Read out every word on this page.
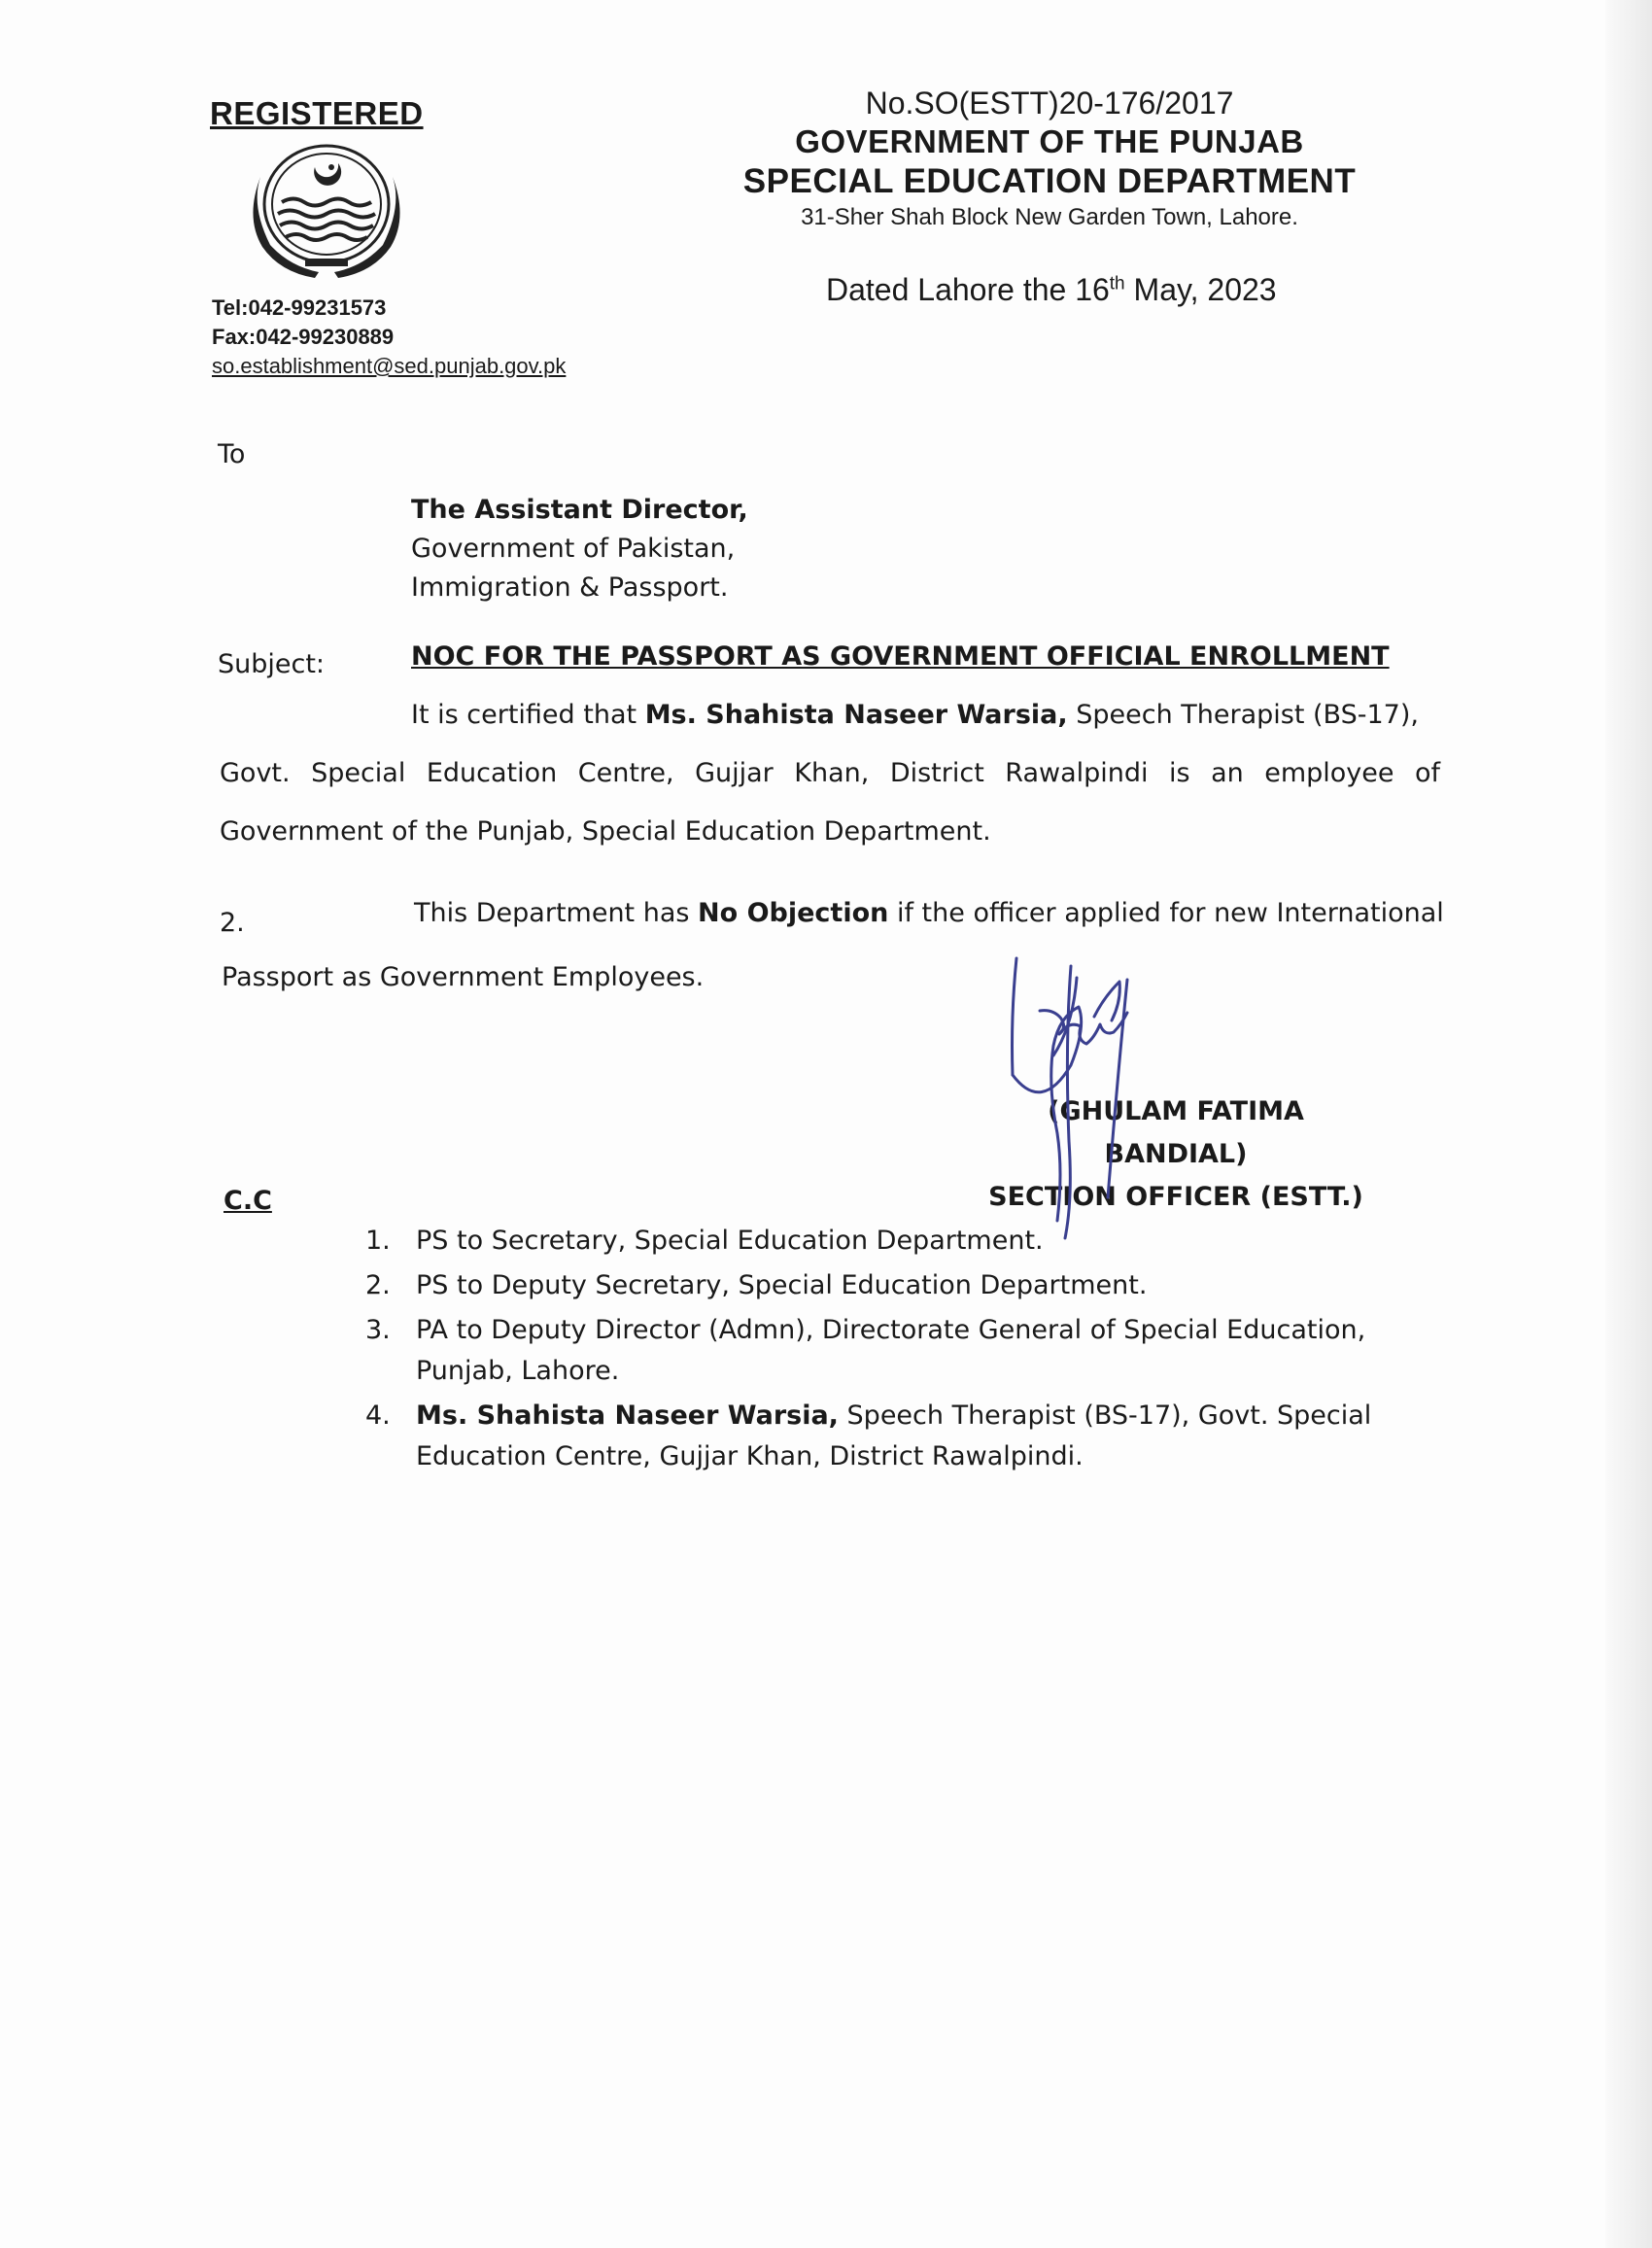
REGISTERED
Tel:042-99231573
Fax:042-99230889
so.establishment@sed.punjab.gov.pk
No.SO(ESTT)20-176/2017
GOVERNMENT OF THE PUNJAB
SPECIAL EDUCATION DEPARTMENT
31-Sher Shah Block New Garden Town, Lahore.
Dated Lahore the 16th May, 2023
To
The Assistant Director,
Government of Pakistan,
Immigration & Passport.
Subject:	NOC FOR THE PASSPORT AS GOVERNMENT OFFICIAL ENROLLMENT
It is certified that Ms. Shahista Naseer Warsia, Speech Therapist (BS-17),
Govt. Special Education Centre, Gujjar Khan, District Rawalpindi is an employee of
Government of the Punjab, Special Education Department.
2.	This Department has No Objection if the officer applied for new International
Passport as Government Employees.
(GHULAM FATIMA BANDIAL)
SECTION OFFICER (ESTT.)
C.C
1. PS to Secretary, Special Education Department.
2. PS to Deputy Secretary, Special Education Department.
3. PA to Deputy Director (Admn), Directorate General of Special Education,
Punjab, Lahore.
4. Ms. Shahista Naseer Warsia, Speech Therapist (BS-17), Govt. Special
Education Centre, Gujjar Khan, District Rawalpindi.
